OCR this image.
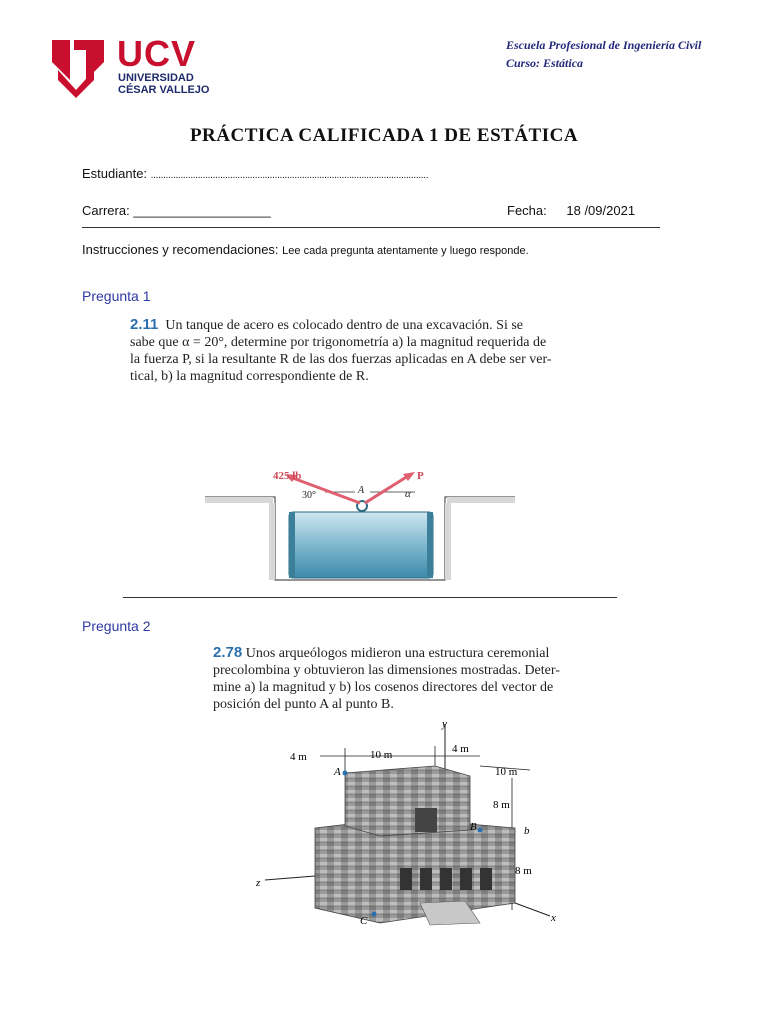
UCV
UNIVERSIDAD
CÉSAR VALLEJO
Escuela Profesional de Ingeniería Civil
Curso: Estática
PRÁCTICA CALIFICADA 1 DE ESTÁTICA
Estudiante: ................................................................................................................
Carrera: ___________________	Fecha: 18 /09/2021
Instrucciones y recomendaciones: Lee cada pregunta atentamente y luego responde.
Pregunta 1
2.11 Un tanque de acero es colocado dentro de una excavación. Si se
sabe que α = 20°, determine por trigonometría a) la magnitud requerida de
la fuerza P, si la resultante R de las dos fuerzas aplicadas en A debe ser ver-
tical, b) la magnitud correspondiente de R.
425 lb	P
A
30°	α
Pregunta 2
2.78 Unos arqueólogos midieron una estructura ceremonial
precolombina y obtuvieron las dimensiones mostradas. Deter-
mine a) la magnitud y b) los cosenos directores del vector de
posición del punto A al punto B.
y
4 m	10 m	4 m
10 m
8 m
8 m
z
x
A
B	b
C
